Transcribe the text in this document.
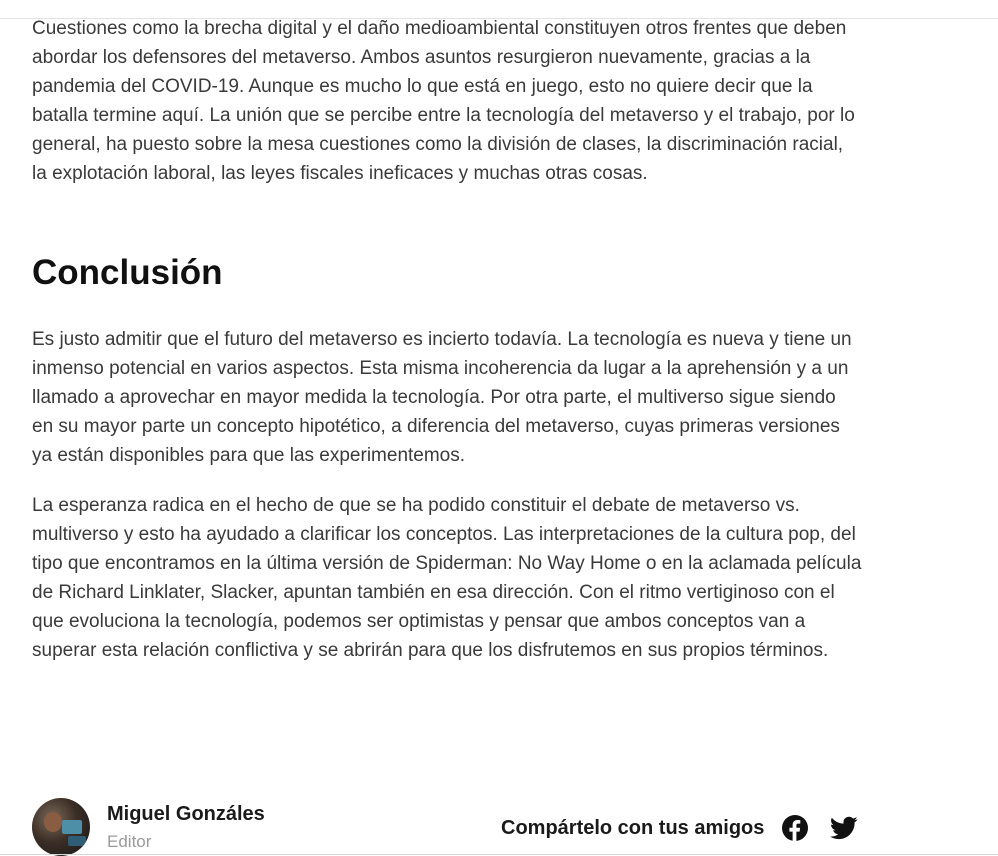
Cuestiones como la brecha digital y el daño medioambiental constituyen otros frentes que deben abordar los defensores del metaverso. Ambos asuntos resurgieron nuevamente, gracias a la pandemia del COVID-19. Aunque es mucho lo que está en juego, esto no quiere decir que la batalla termine aquí. La unión que se percibe entre la tecnología del metaverso y el trabajo, por lo general, ha puesto sobre la mesa cuestiones como la división de clases, la discriminación racial, la explotación laboral, las leyes fiscales ineficaces y muchas otras cosas.

Conclusión

Es justo admitir que el futuro del metaverso es incierto todavía. La tecnología es nueva y tiene un inmenso potencial en varios aspectos. Esta misma incoherencia da lugar a la aprehensión y a un llamado a aprovechar en mayor medida la tecnología. Por otra parte, el multiverso sigue siendo en su mayor parte un concepto hipotético, a diferencia del metaverso, cuyas primeras versiones ya están disponibles para que las experimentemos.

La esperanza radica en el hecho de que se ha podido constituir el debate de metaverso vs. multiverso y esto ha ayudado a clarificar los conceptos. Las interpretaciones de la cultura pop, del tipo que encontramos en la última versión de Spiderman: No Way Home o en la aclamada película de Richard Linklater, Slacker, apuntan también en esa dirección. Con el ritmo vertiginoso con el que evoluciona la tecnología, podemos ser optimistas y pensar que ambos conceptos van a superar esta relación conflictiva y se abrirán para que los disfrutemos en sus propios términos.

Miguel Gonzáles
Editor
Compártelo con tus amigos
